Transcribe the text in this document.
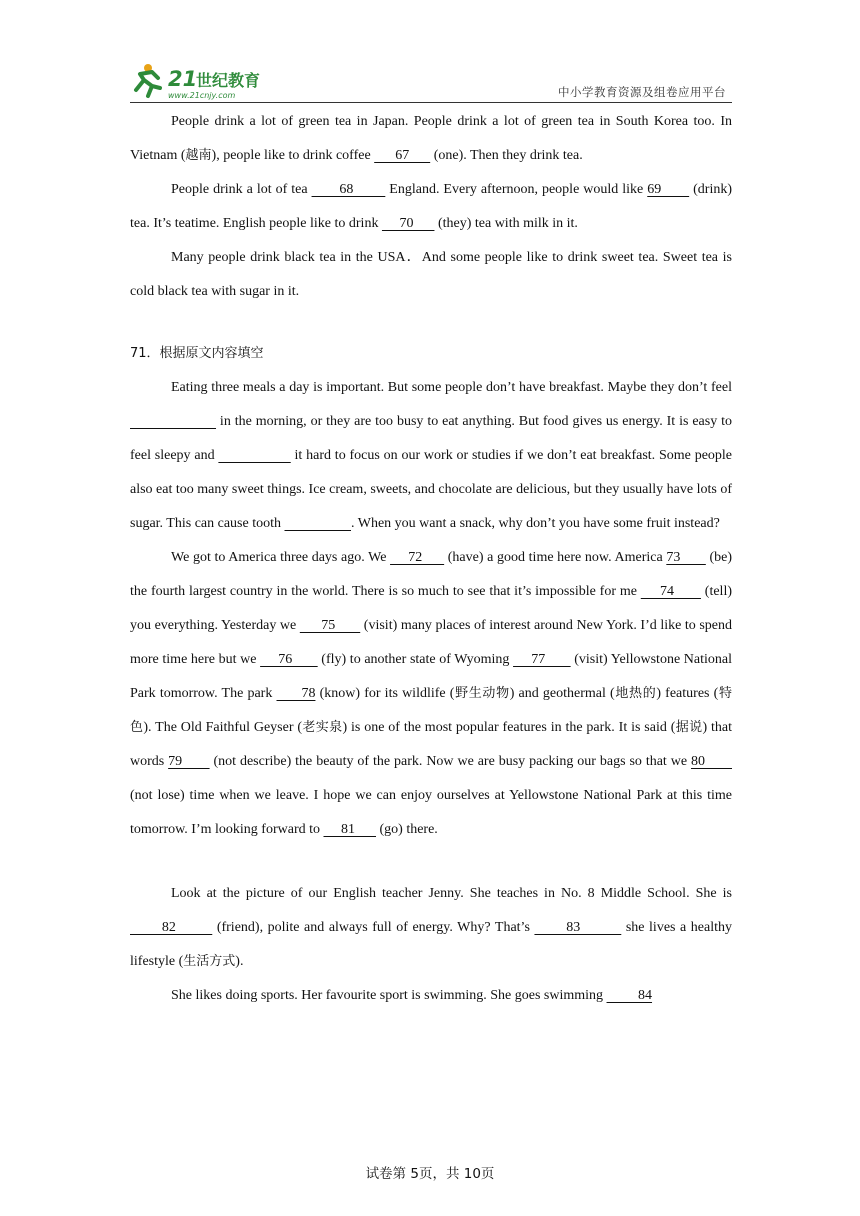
21
世纪教育
www.21cnjy.com	中小学教育资源及组卷应用平台

People drink a lot of green tea in Japan. People drink a lot of green tea in South Korea too. In Vietnam (越南), people like to drink coffee       67       (one). Then they drink tea.

People drink a lot of tea        68         England. Every afternoon, people would like 69        (drink) tea. It’s teatime. English people like to drink      70       (they) tea with milk in it.

Many people drink black tea in the USA．And some people like to drink sweet tea. Sweet tea is cold black tea with sugar in it.

71．根据原文内容填空

Eating three meals a day is important. But some people don’t have breakfast. Maybe they don’t feel                        in the morning, or they are too busy to eat anything. But food gives us energy. It is easy to feel sleepy and	it hard to focus on our work or studies if we don’t eat breakfast. Some people also eat too many sweet things. Ice cream, sweets, and chocolate are delicious, but they usually have lots of sugar. This can cause tooth	. When you want a snack, why don’t you have some fruit instead?

We got to America three days ago. We      72       (have) a good time here now. America 73        (be) the fourth largest country in the world. There is so much to see that it’s impossible for me      74        (tell) you everything. Yesterday we       75        (visit) many places of interest around New York. I’d like to spend more time here but we      76        (fly) to another state of Wyoming      77        (visit) Yellowstone National Park tomorrow. The park       78 (know) for its wildlife (野生动物) and geothermal (地热的) features (特色). The Old Faithful Geyser (老实泉) is one of the most popular features in the park. It is said (据说) that words 79        (not describe) the beauty of the park. Now we are busy packing our bags so that we 80        (not lose) time when we leave. I hope we can enjoy ourselves at Yellowstone National Park at this time tomorrow. I’m looking forward to      81       (go) there.

Look at the picture of our English teacher Jenny. She teaches in No. 8 Middle School. She is        82         (friend), polite and always full of energy. Why? That’s        83          she lives a healthy lifestyle (生活方式).

She likes doing sports. Her favourite sport is swimming. She goes swimming          84

试卷第 5页，共 10页
